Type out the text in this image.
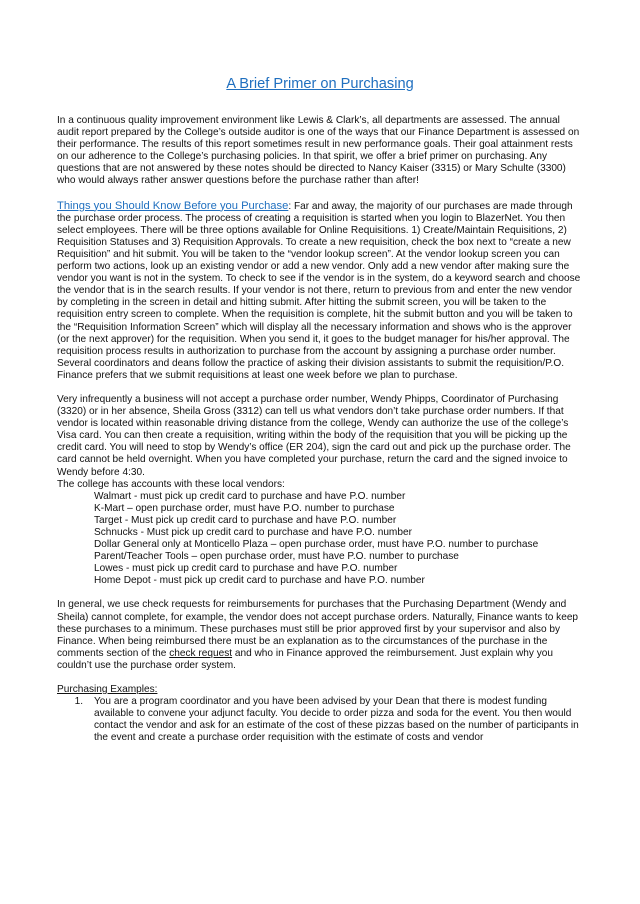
A Brief Primer on Purchasing

In a continuous quality improvement environment like Lewis & Clark’s, all departments are assessed. The annual audit report prepared by the College’s outside auditor is one of the ways that our Finance Department is assessed on their performance. The results of this report sometimes result in new performance goals. Their goal attainment rests on our adherence to the College’s purchasing policies. In that spirit, we offer a brief primer on purchasing. Any questions that are not answered by these notes should be directed to Nancy Kaiser (3315) or Mary Schulte (3300) who would always rather answer questions before the purchase rather than after!

Things you Should Know Before you Purchase: Far and away, the majority of our purchases are made through the purchase order process. The process of creating a requisition is started when you login to BlazerNet. You then select employees. There will be three options available for Online Requisitions. 1) Create/Maintain Requisitions, 2) Requisition Statuses and 3) Requisition Approvals. To create a new requisition, check the box next to “create a new Requisition” and hit submit. You will be taken to the “vendor lookup screen”. At the vendor lookup screen you can perform two actions, look up an existing vendor or add a new vendor. Only add a new vendor after making sure the vendor you want is not in the system. To check to see if the vendor is in the system, do a keyword search and choose the vendor that is in the search results. If your vendor is not there, return to previous from and enter the new vendor by completing in the screen in detail and hitting submit. After hitting the submit screen, you will be taken to the requisition entry screen to complete. When the requisition is complete, hit the submit button and you will be taken to the “Requisition Information Screen” which will display all the necessary information and shows who is the approver (or the next approver) for the requisition. When you send it, it goes to the budget manager for his/her approval. The requisition process results in authorization to purchase from the account by assigning a purchase order number. Several coordinators and deans follow the practice of asking their division assistants to submit the requisition/P.O. Finance prefers that we submit requisitions at least one week before we plan to purchase.

Very infrequently a business will not accept a purchase order number, Wendy Phipps, Coordinator of Purchasing (3320) or in her absence, Sheila Gross (3312) can tell us what vendors don’t take purchase order numbers. If that vendor is located within reasonable driving distance from the college, Wendy can authorize the use of the college’s Visa card. You can then create a requisition, writing within the body of the requisition that you will be picking up the credit card. You will need to stop by Wendy’s office (ER 204), sign the card out and pick up the purchase order. The card cannot be held overnight. When you have completed your purchase, return the card and the signed invoice to Wendy before 4:30.

The college has accounts with these local vendors:

Walmart - must pick up credit card to purchase and have P.O. number
K-Mart – open purchase order, must have P.O. number to purchase
Target - Must pick up credit card to purchase and have P.O. number
Schnucks - Must pick up credit card to purchase and have P.O. number
Dollar General only at Monticello Plaza – open purchase order, must have P.O. number to purchase
Parent/Teacher Tools – open purchase order, must have P.O. number to purchase
Lowes - must pick up credit card to purchase and have P.O. number
Home Depot - must pick up credit card to purchase and have P.O. number

In general, we use check requests for reimbursements for purchases that the Purchasing Department (Wendy and Sheila) cannot complete, for example, the vendor does not accept purchase orders. Naturally, Finance wants to keep these purchases to a minimum. These purchases must still be prior approved first by your supervisor and also by Finance. When being reimbursed there must be an explanation as to the circumstances of the purchase in the comments section of the check request and who in Finance approved the reimbursement. Just explain why you couldn’t use the purchase order system.

Purchasing Examples:
1.	You are a program coordinator and you have been advised by your Dean that there is modest funding available to convene your adjunct faculty. You decide to order pizza and soda for the event. You then would contact the vendor and ask for an estimate of the cost of these pizzas based on the number of participants in the event and create a purchase order requisition with the estimate of costs and vendor
